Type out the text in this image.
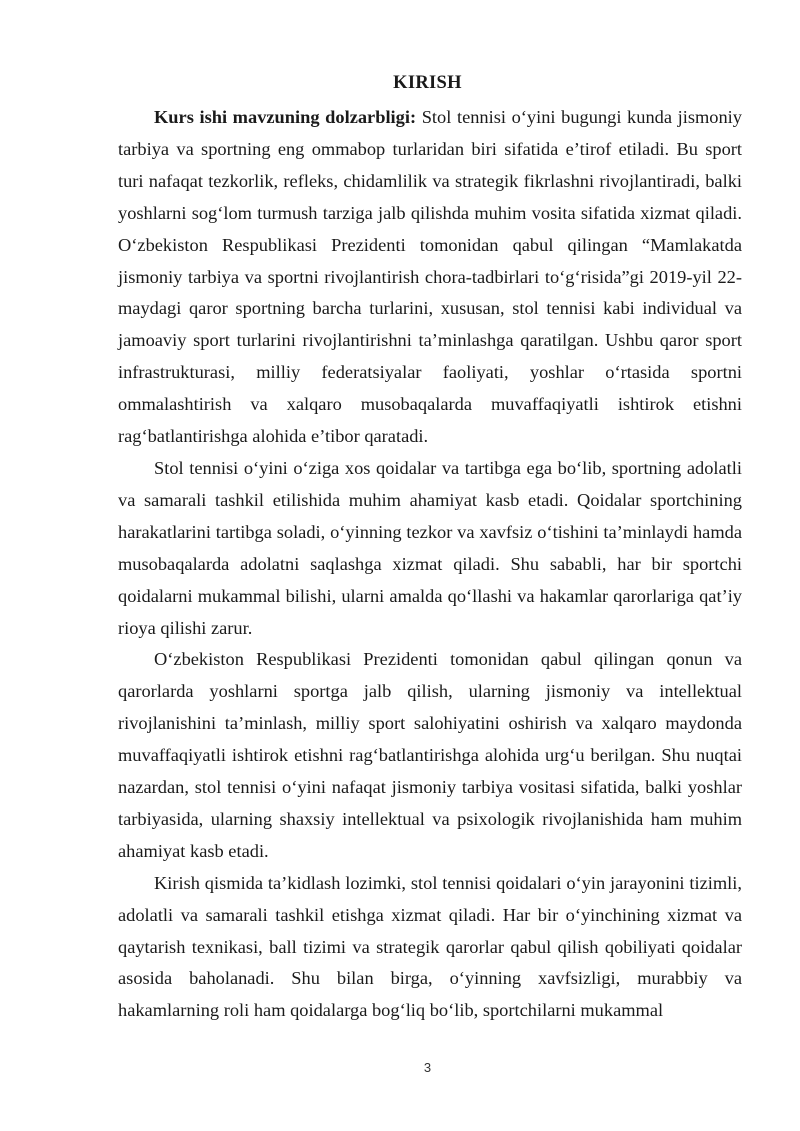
KIRISH

Kurs ishi mavzuning dolzarbligi: Stol tennisi o‘yini bugungi kunda jismoniy tarbiya va sportning eng ommabop turlaridan biri sifatida e’tirof etiladi. Bu sport turi nafaqat tezkorlik, refleks, chidamlilik va strategik fikrlashni rivojlantiradi, balki yoshlarni sog‘lom turmush tarziga jalb qilishda muhim vosita sifatida xizmat qiladi. O‘zbekiston Respublikasi Prezidenti tomonidan qabul qilingan “Mamlakatda jismoniy tarbiya va sportni rivojlantirish chora-tadbirlari to‘g‘risida”gi 2019-yil 22-maydagi qaror sportning barcha turlarini, xususan, stol tennisi kabi individual va jamoaviy sport turlarini rivojlantirishni ta’minlashga qaratilgan. Ushbu qaror sport infrastrukturasi, milliy federatsiyalar faoliyati, yoshlar o‘rtasida sportni ommalashtirish va xalqaro musobaqalarda muvaffaqiyatli ishtirok etishni rag‘batlantirishga alohida e’tibor qaratadi.

Stol tennisi o‘yini o‘ziga xos qoidalar va tartibga ega bo‘lib, sportning adolatli va samarali tashkil etilishida muhim ahamiyat kasb etadi. Qoidalar sportchining harakatlarini tartibga soladi, o‘yinning tezkor va xavfsiz o‘tishini ta’minlaydi hamda musobaqalarda adolatni saqlashga xizmat qiladi. Shu sababli, har bir sportchi qoidalarni mukammal bilishi, ularni amalda qo‘llashi va hakamlar qarorlariga qat’iy rioya qilishi zarur.

O‘zbekiston Respublikasi Prezidenti tomonidan qabul qilingan qonun va qarorlarda yoshlarni sportga jalb qilish, ularning jismoniy va intellektual rivojlanishini ta’minlash, milliy sport salohiyatini oshirish va xalqaro maydonda muvaffaqiyatli ishtirok etishni rag‘batlantirishga alohida urg‘u berilgan. Shu nuqtai nazardan, stol tennisi o‘yini nafaqat jismoniy tarbiya vositasi sifatida, balki yoshlar tarbiyasida, ularning shaxsiy intellektual va psixologik rivojlanishida ham muhim ahamiyat kasb etadi.

Kirish qismida ta’kidlash lozimki, stol tennisi qoidalari o‘yin jarayonini tizimli, adolatli va samarali tashkil etishga xizmat qiladi. Har bir o‘yinchining xizmat va qaytarish texnikasi, ball tizimi va strategik qarorlar qabul qilish qobiliyati qoidalar asosida baholanadi. Shu bilan birga, o‘yinning xavfsizligi, murabbiy va hakamlarning roli ham qoidalarga bog‘liq bo‘lib, sportchilarni mukammal

3
